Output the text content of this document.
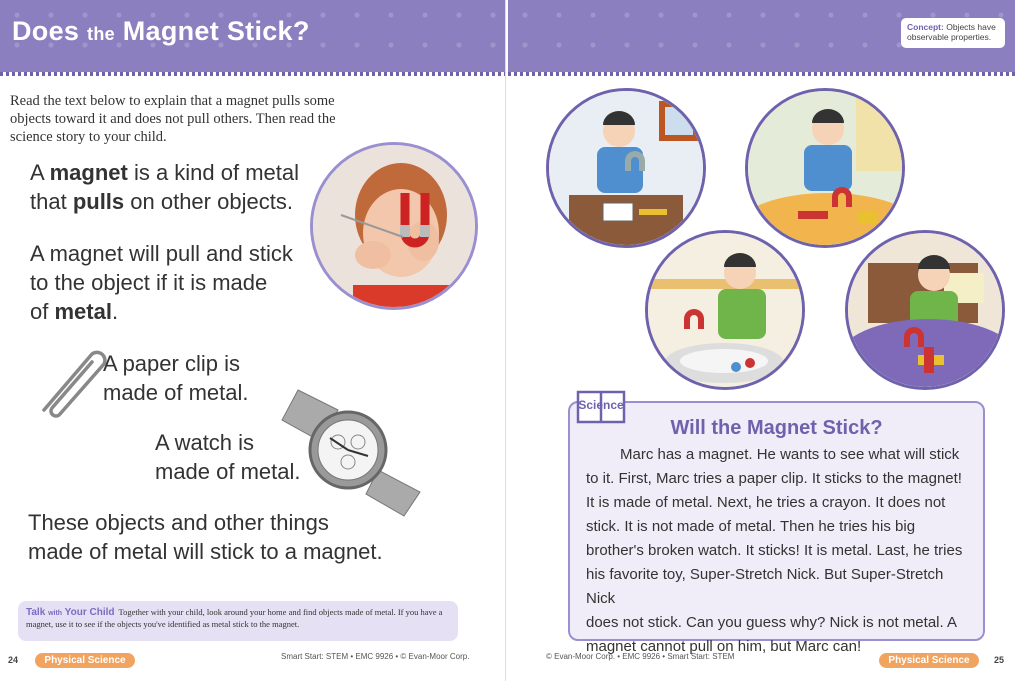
Does the Magnet Stick?
Read the text below to explain that a magnet pulls some objects toward it and does not pull others. Then read the science story to your child.
A magnet is a kind of metal
that pulls on other objects.
A magnet will pull and stick
to the object if it is made
of metal.
A paper clip is
made of metal.
A watch is
made of metal.
These objects and other things
made of metal will stick to a magnet.
Talk with Your Child Together with your child, look around your home and find objects made of metal. If you have a magnet, use it to see if the objects you've identified as metal stick to the magnet.
24	Physical Science	Smart Start: STEM • EMC 9926 • © Evan-Moor Corp.
Concept: Objects have observable properties.
Will the Magnet Stick?
Marc has a magnet. He wants to see what will stick
to it. First, Marc tries a paper clip. It sticks to the magnet!
It is made of metal. Next, he tries a crayon. It does not
stick. It is not made of metal. Then he tries his big
brother's broken watch. It sticks! It is metal. Last, he tries
his favorite toy, Super-Stretch Nick. But Super-Stretch Nick
does not stick. Can you guess why? Nick is not metal. A
magnet cannot pull on him, but Marc can!
Science
© Evan-Moor Corp. • EMC 9926 • Smart Start: STEM	Physical Science	25
